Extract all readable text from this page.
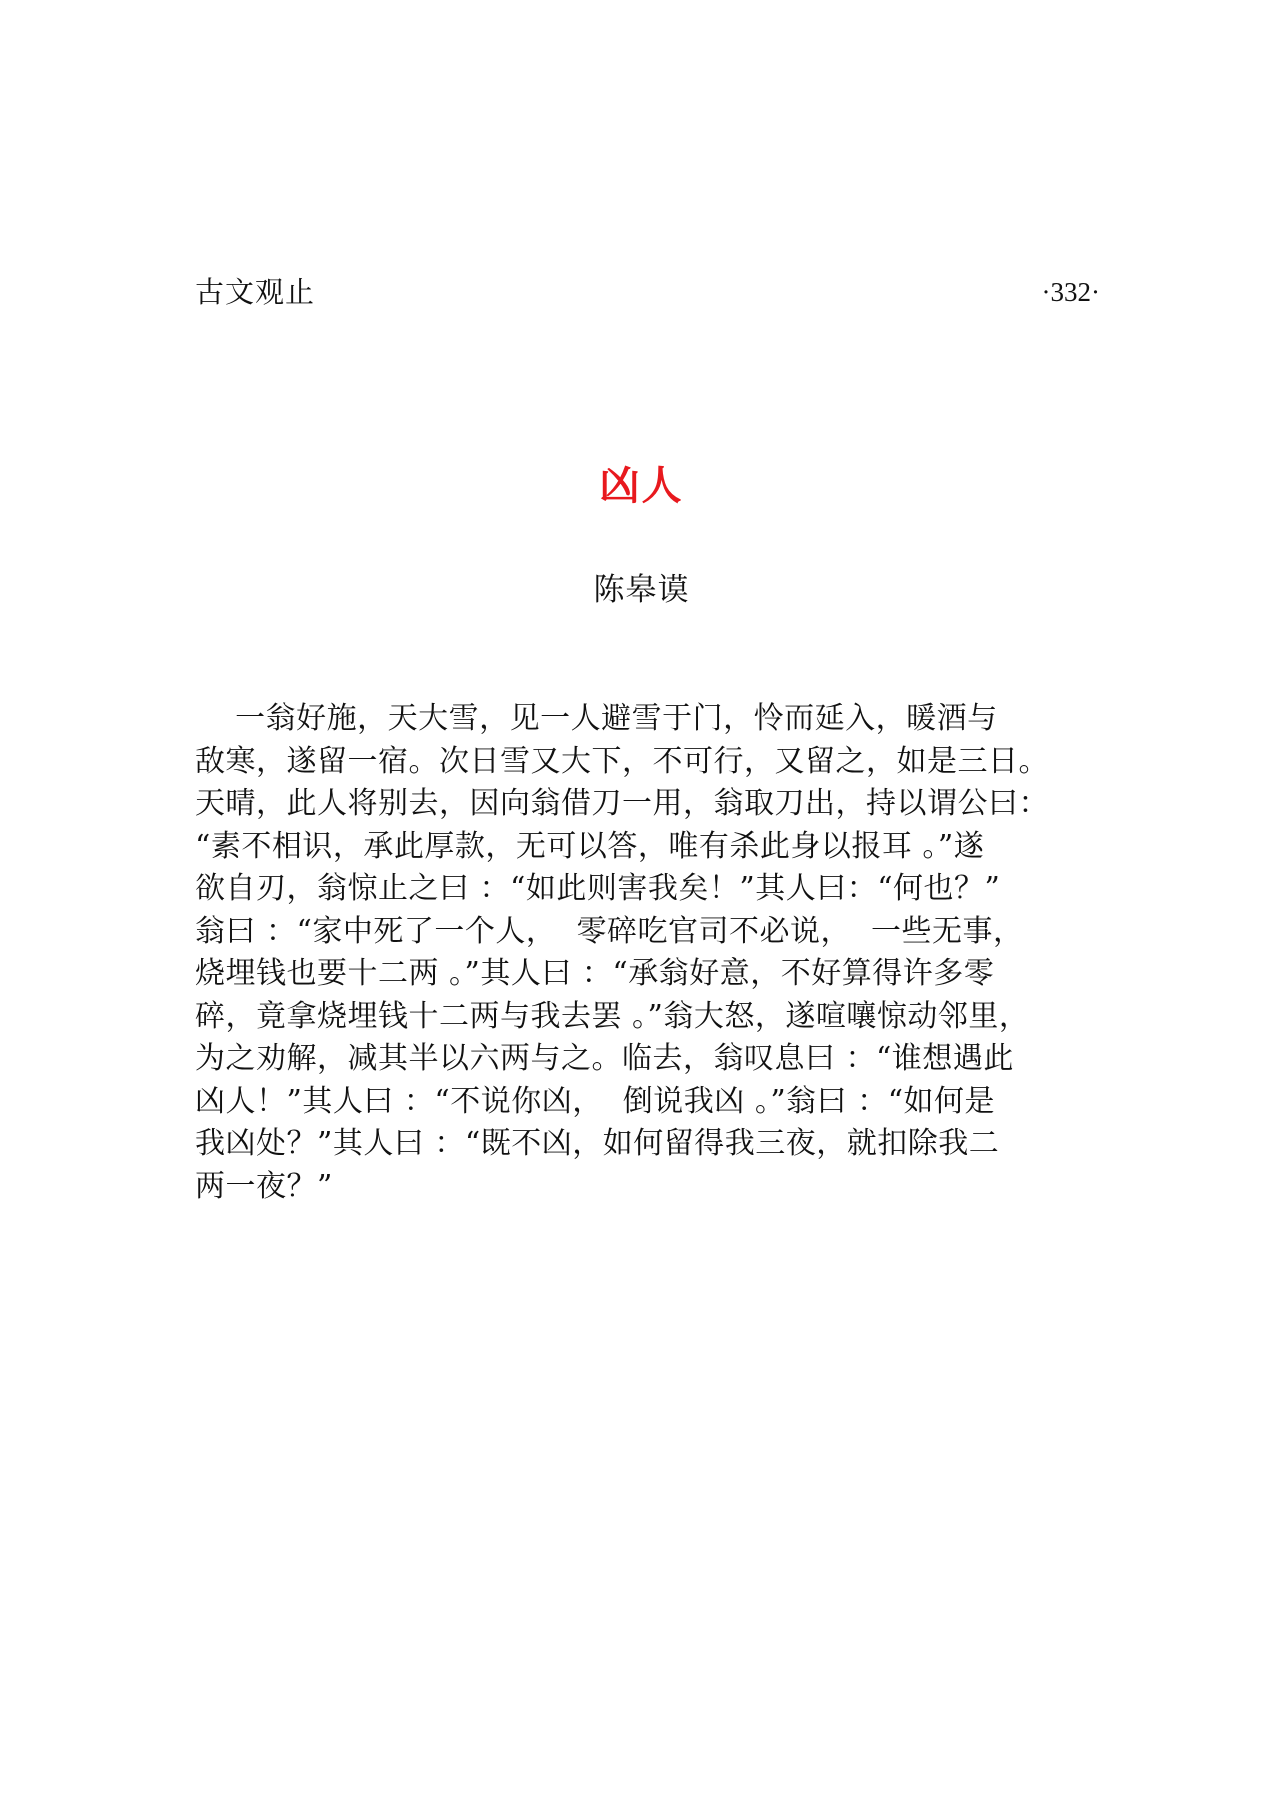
古文观止	·332·
凶人
陈皋谟
一翁好施，天大雪，见一人避雪于门，怜而延入，暖酒与
敌寒，遂留一宿。次日雪又大下，不可行，又留之，如是三日。
天晴，此人将别去，因向翁借刀一用，翁取刀出，持以谓公曰：
“素不相识，承此厚款，无可以答，唯有杀此身以报耳 。”遂
欲自刃，翁惊止之曰 ：“如此则害我矣！”其人曰：“何也？”
翁曰 ：“家中死了一个人，  零碎吃官司不必说，  一些无事，
烧埋钱也要十二两 。”其人曰 ：“承翁好意，不好算得许多零
碎，竟拿烧埋钱十二两与我去罢 。”翁大怒，遂喧嚷惊动邻里，
为之劝解，减其半以六两与之。临去，翁叹息曰 ：“谁想遇此
凶人！”其人曰 ：“不说你凶，  倒说我凶 。”翁曰 ：“如何是
我凶处？”其人曰 ：“既不凶，如何留得我三夜，就扣除我二
两一夜？”
